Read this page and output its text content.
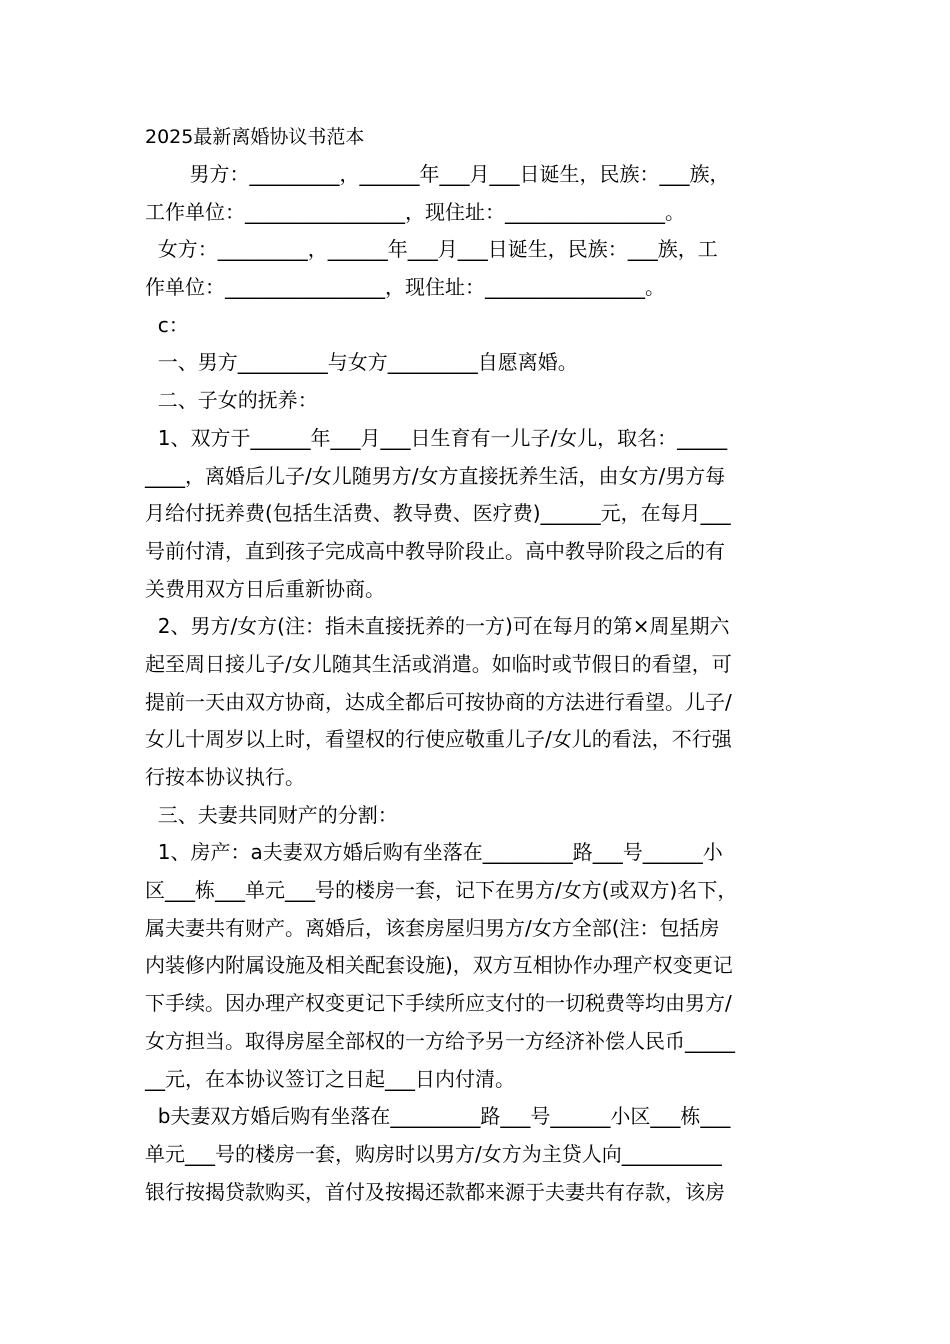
2025最新离婚协议书范本
男方：_________，______年___月___日诞生，民族：___族，
工作单位：________________，现住址：________________。
女方：_________，______年___月___日诞生，民族：___族，工
作单位：________________，现住址：________________。
c：
一、男方_________与女方_________自愿离婚。
二、子女的抚养：
1、双方于______年___月___日生育有一儿子/女儿，取名：_____
____，离婚后儿子/女儿随男方/女方直接抚养生活，由女方/男方每
月给付抚养费(包括生活费、教导费、医疗费)______元，在每月___
号前付清，直到孩子完成高中教导阶段止。高中教导阶段之后的有
关费用双方日后重新协商。
2、男方/女方(注：指未直接抚养的一方)可在每月的第×周星期六
起至周日接儿子/女儿随其生活或消遣。如临时或节假日的看望，可
提前一天由双方协商，达成全都后可按协商的方法进行看望。儿子/
女儿十周岁以上时，看望权的行使应敬重儿子/女儿的看法，不行强
行按本协议执行。
三、夫妻共同财产的分割：
1、房产：a夫妻双方婚后购有坐落在_________路___号______小
区___栋___单元___号的楼房一套，记下在男方/女方(或双方)名下，
属夫妻共有财产。离婚后，该套房屋归男方/女方全部(注：包括房
内装修内附属设施及相关配套设施)，双方互相协作办理产权变更记
下手续。因办理产权变更记下手续所应支付的一切税费等均由男方/
女方担当。取得房屋全部权的一方给予另一方经济补偿人民币_____
__元，在本协议签订之日起___日内付清。
b夫妻双方婚后购有坐落在_________路___号______小区___栋___
单元___号的楼房一套，购房时以男方/女方为主贷人向__________
银行按揭贷款购买，首付及按揭还款都来源于夫妻共有存款，该房
